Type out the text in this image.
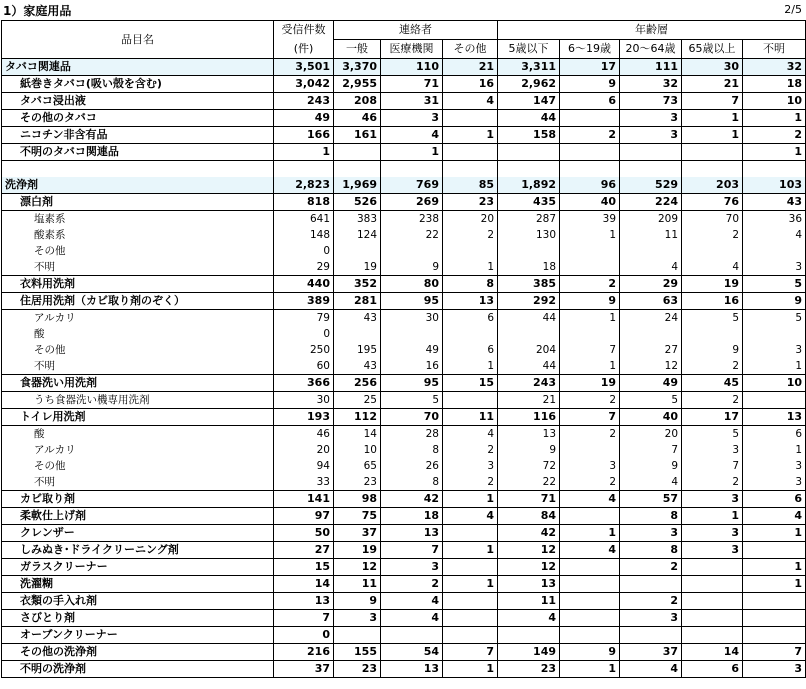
1）家庭用品	2/5
品目名	受信件数	連絡者			年齢層				
	(件)	一般	医療機関	その他	5歳以下	6～19歳	20～64歳	65歳以上	不明
タバコ関連品	3,501	3,370	110	21	3,311	17	111	30	32
紙巻きタバコ(吸い殻を含む)	3,042	2,955	71	16	2,962	9	32	21	18
タバコ浸出液	243	208	31	4	147	6	73	7	10
その他のタバコ	49	46	3		44		3	1	1
ニコチン非含有品	166	161	4	1	158	2	3	1	2
不明のタバコ関連品	1		1						1

洗浄剤	2,823	1,969	769	85	1,892	96	529	203	103
漂白剤	818	526	269	23	435	40	224	76	43
塩素系	641	383	238	20	287	39	209	70	36
酸素系	148	124	22	2	130	1	11	2	4
その他	0								
不明	29	19	9	1	18		4	4	3
衣料用洗剤	440	352	80	8	385	2	29	19	5
住居用洗剤（カビ取り剤のぞく）	389	281	95	13	292	9	63	16	9
アルカリ	79	43	30	6	44	1	24	5	5
酸	0								
その他	250	195	49	6	204	7	27	9	3
不明	60	43	16	1	44	1	12	2	1
食器洗い用洗剤	366	256	95	15	243	19	49	45	10
うち食器洗い機専用洗剤	30	25	5		21	2	5	2	
トイレ用洗剤	193	112	70	11	116	7	40	17	13
酸	46	14	28	4	13	2	20	5	6
アルカリ	20	10	8	2	9		7	3	1
その他	94	65	26	3	72	3	9	7	3
不明	33	23	8	2	22	2	4	2	3
カビ取り剤	141	98	42	1	71	4	57	3	6
柔軟仕上げ剤	97	75	18	4	84		8	1	4
クレンザー	50	37	13		42	1	3	3	1
しみぬき･ドライクリーニング剤	27	19	7	1	12	4	8	3	
ガラスクリーナー	15	12	3		12		2		1
洗濯糊	14	11	2	1	13				1
衣類の手入れ剤	13	9	4		11		2		
さびとり剤	7	3	4		4		3		
オーブンクリーナー	0								
その他の洗浄剤	216	155	54	7	149	9	37	14	7
不明の洗浄剤	37	23	13	1	23	1	4	6	3
